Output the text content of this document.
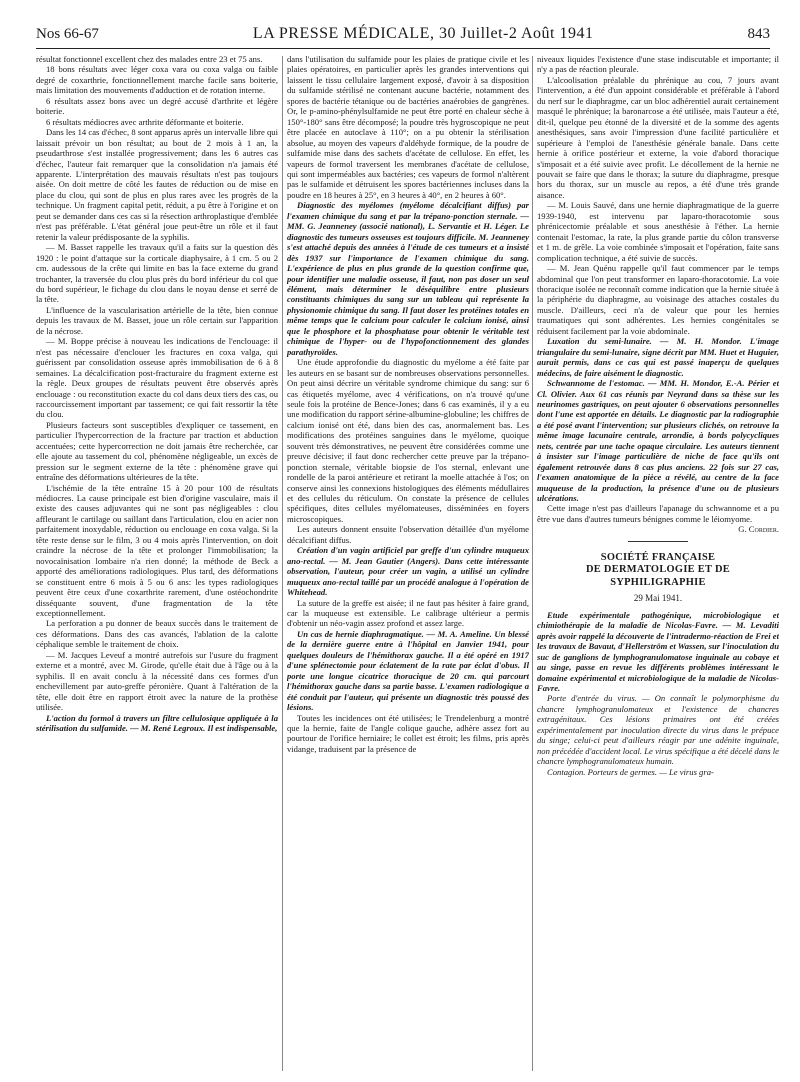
Nos 66-67	LA PRESSE MÉDICALE, 30 Juillet-2 Août 1941	843

résultat fonctionnel excellent chez des malades entre 23 et 75 ans.

18 bons résultats avec léger coxa vara ou coxa valga ou faible degré de coxarthrie, fonctionnellement marche facile sans boiterie, mais limitation des mouvements d'adduction et de rotation interne.

6 résultats assez bons avec un degré accusé d'arthrite et légère boiterie.

6 résultats médiocres avec arthrite déformante et boiterie.

Dans les 14 cas d'échec, 8 sont apparus après un intervalle libre qui laissait prévoir un bon résultat; au bout de 2 mois à 1 an, la pseudarthrose s'est installée progressivement; dans les 6 autres cas d'échec, l'auteur fait remarquer que la consolidation n'a jamais été apparente. L'interprétation des mauvais résultats n'est pas toujours aisée. On doit mettre de côté les fautes de réduction ou de mise en place du clou, qui sont de plus en plus rares avec les progrès de la technique. Un fragment capital petit, réduit, a pu être à l'origine et on peut se demander dans ces cas si la résection arthroplastique d'emblée n'est pas préférable. L'état général joue peut-être un rôle et il faut retenir la valeur prédisposante de la syphilis.

— M. Basset rappelle les travaux qu'il a faits sur la question dès 1920 : le point d'attaque sur la corticale diaphysaire, à 1 cm. 5 ou 2 cm. audessous de la crête qui limite en bas la face externe du grand trochanter, la traversée du clou plus près du bord inférieur du col que du bord supérieur, le fichage du clou dans le noyau dense et serré de la tête.

L'influence de la vascularisation artérielle de la tête, bien connue depuis les travaux de M. Basset, joue un rôle certain sur l'apparition de la nécrose.

— M. Boppe précise à nouveau les indications de l'enclouage: il n'est pas nécessaire d'enclouer les fractures en coxa valga, qui guérissent par consolidation osseuse après immobilisation de 6 à 8 semaines. La décalcification post-fracturaire du fragment externe est la règle. Deux groupes de résultats peuvent être observés après enclouage : ou reconstitution exacte du col dans deux tiers des cas, ou raccourcissement important par tassement; ce qui fait ressortir la tête du clou.

Plusieurs facteurs sont susceptibles d'expliquer ce tassement, en particulier l'hypercorrection de la fracture par traction et abduction accentuées; cette hypercorrection ne doit jamais être recherchée, car elle ajoute au tassement du col, phénomène négligeable, un excès de pression sur le segment externe de la tête : phénomène grave qui entraîne des déformations ultérieures de la tête.

L'ischémie de la tête entraîne 15 à 20 pour 100 de résultats médiocres. La cause principale est bien d'origine vasculaire, mais il existe des causes adjuvantes qui ne sont pas négligeables : clou affleurant le cartilage ou saillant dans l'articulation, clou en acier non parfaitement inoxydable, réduction ou enclouage en coxa valga. Si la tête reste dense sur le film, 3 ou 4 mois après l'intervention, on doit craindre la nécrose de la tête et prolonger l'immobilisation; la novocaïnisation lombaire n'a rien donné; la méthode de Beck a apporté des améliorations radiologiques. Plus tard, des déformations se constituent entre 6 mois à 5 ou 6 ans: les types radiologiques peuvent être ceux d'une coxarthrite rarement, d'une ostéochondrite disséquante souvent, d'une fragmentation de la tête exceptionnellement.

La perforation a pu donner de beaux succès dans le traitement de ces déformations. Dans des cas avancés, l'ablation de la calotte céphalique semble le traitement de choix.

— M. Jacques Leveuf a montré autrefois sur l'usure du fragment externe et a montré, avec M. Girode, qu'elle était due à l'âge ou à la syphilis. Il en avait conclu à la nécessité dans ces formes d'un enchevillement par auto-greffe péronière. Quant à l'altération de la tête, elle doit être en rapport étroit avec la nature de la prothèse utilisée.

L'action du formol à travers un filtre cellulosique appliquée à la stérilisation du sulfamide. — M. René Legroux. Il est indispensable,

dans l'utilisation du sulfamide pour les plaies de pratique civile et les plaies opératoires, en particulier après les grandes interventions qui laissent le tissu cellulaire largement exposé, d'avoir à sa disposition du sulfamide stérilisé ne contenant aucune bactérie, notamment des spores de bactérie tétanique ou de bactéries anaérobies de gangrènes. Or, le p-amino-phénylsulfamide ne peut être porté en chaleur sèche à 150°-180° sans être décomposé; la poudre très hygroscopique ne peut être placée en autoclave à 110°; on a pu obtenir la stérilisation absolue, au moyen des vapeurs d'aldéhyde formique, de la poudre de sulfamide mise dans des sachets d'acétate de cellulose. En effet, les vapeurs de formol traversent les membranes d'acétate de cellulose, qui sont imperméables aux bactéries; ces vapeurs de formol n'altèrent pas le sulfamide et détruisent les spores bactériennes incluses dans la poudre en 18 heures à 25°, en 3 heures à 40°, en 2 heures à 60°.

Diagnostic des myélomes (myélome décalcifiant diffus) par l'examen chimique du sang et par la trépano-ponction sternale. — MM. G. Jeanneney (associé national), L. Servantie et H. Léger. Le diagnostic des tumeurs osseuses est toujours difficile. M. Jeanneney s'est attaché depuis des années à l'étude de ces tumeurs et a insisté dès 1937 sur l'importance de l'examen chimique du sang. L'expérience de plus en plus grande de la question confirme que, pour identifier une maladie osseuse, il faut, non pas doser un seul élément, mais déterminer le déséquilibre entre plusieurs constituants chimiques du sang sur un tableau qui représente la physionomie chimique du sang. Il faut doser les protéines totales en même temps que le calcium pour calculer le calcium ionisé, ainsi que le phosphore et la phosphatase pour obtenir le véritable test chimique de l'hyper- ou de l'hypofonctionnement des glandes parathyroïdes.

Une étude approfondie du diagnostic du myélome a été faite par les auteurs en se basant sur de nombreuses observations personnelles. On peut ainsi décrire un véritable syndrome chimique du sang: sur 6 cas étiquetés myélome, avec 4 vérifications, on n'a trouvé qu'une seule fois la protéine de Bence-Jones; dans 6 cas examinés, il y a eu une modification du rapport sérine-albumine-globuline; les chiffres de calcium ionisé ont été, dans bien des cas, anormalement bas. Les modifications des protéines sanguines dans le myélome, quoique souvent très démonstratives, ne peuvent être considérées comme une preuve décisive; il faut donc rechercher cette preuve par la trépano-ponction sternale, véritable biopsie de l'os sternal, enlevant une rondelle de la paroi antérieure et retirant la moelle attachée à l'os; on conserve ainsi les connexions histologiques des éléments médullaires et des cellules du réticulum. On constate la présence de cellules spécifiques, dites cellules myélomateuses, disséminées en foyers microscopiques.

Les auteurs donnent ensuite l'observation détaillée d'un myélome décalcifiant diffus.

Création d'un vagin artificiel par greffe d'un cylindre muqueux ano-rectal. — M. Jean Gautier (Angers). Dans cette intéressante observation, l'auteur, pour créer un vagin, a utilisé un cylindre muqueux ano-rectal taillé par un procédé analogue à l'opération de Whitehead.

La suture de la greffe est aisée; il ne faut pas hésiter à faire grand, car la muqueuse est extensible. Le calibrage ultérieur a permis d'obtenir un néo-vagin assez profond et assez large.

Un cas de hernie diaphragmatique. — M. A. Ameline. Un blessé de la dernière guerre entre à l'hôpital en Janvier 1941, pour quelques douleurs de l'hémithorax gauche. Il a été opéré en 1917 d'une splénectomie pour éclatement de la rate par éclat d'obus. Il porte une longue cicatrice thoracique de 20 cm. qui parcourt l'hémithorax gauche dans sa partie basse. L'examen radiologique a été conduit par l'auteur, qui présente un diagnostic très poussé des lésions.

Toutes les incidences ont été utilisées; le Trendelenburg a montré que la hernie, faite de l'angle colique gauche, adhère assez fort au pourtour de l'orifice herniaire; le collet est étroit; les films, pris après vidange, traduisent par la présence de

niveaux liquides l'existence d'une stase indiscutable et importante; il n'y a pas de réaction pleurale.

L'alcoolisation préalable du phrénique au cou, 7 jours avant l'intervention, a été d'un appoint considérable et préférable à l'abord du nerf sur le diaphragme, car un bloc adhérentiel aurait certainement masqué le phrénique; la baronarcose a été utilisée, mais l'auteur a été, dit-il, quelque peu étonné de la diversité et de la somme des agents anesthésiques, sans avoir l'impression d'une facilité particulière et supérieure à l'emploi de l'anesthésie générale banale. Dans cette hernie à orifice postérieur et externe, la voie d'abord thoracique s'imposait et a été suivie avec profit. Le décollement de la hernie ne pouvait se faire que dans le thorax; la suture du diaphragme, presque hors du thorax, sur un muscle au repos, a été d'une très grande aisance.

— M. Louis Sauvé, dans une hernie diaphragmatique de la guerre 1939-1940, est intervenu par laparo-thoracotomie sous phrénicectomie préalable et sous anesthésie à l'éther. La hernie contenait l'estomac, la rate, la plus grande partie du côlon transverse et 1 m. de grêle. La voie combinée s'imposait et l'opération, faite sans complication technique, a été suivie de succès.

— M. Jean Quénu rappelle qu'il faut commencer par le temps abdominal que l'on peut transformer en laparo-thoracotomie. La voie thoracique isolée ne reconnaît comme indication que la hernie située à la périphérie du diaphragme, au voisinage des attaches costales du muscle. D'ailleurs, ceci n'a de valeur que pour les hernies traumatiques qui sont adhérentes. Les hernies congénitales se réduisent facilement par la voie abdominale.

Luxation du semi-lunaire. — M. H. Mondor. L'image triangulaire du semi-lunaire, signe décrit par MM. Huet et Huguier, aurait permis, dans ce cas qui est passé inaperçu de quelques médecins, de faire aisément le diagnostic.

Schwannome de l'estomac. — MM. H. Mondor, E.-A. Périer et Cl. Olivier. Aux 61 cas réunis par Neyrand dans sa thèse sur les neurinomes gastriques, on peut ajouter 6 observations personnelles dont l'une est apportée en détails. Le diagnostic par la radiographie a été posé avant l'intervention; sur plusieurs clichés, on retrouve la même image lacunaire centrale, arrondie, à bords polycycliques nets, centrée par une tache opaque circulaire. Les auteurs tiennent à insister sur l'image particulière de niche de face qu'ils ont également retrouvée dans 8 cas plus anciens. 22 fois sur 27 cas, l'examen anatomique de la pièce a révélé, au centre de la face muqueuse de la production, la présence d'une ou de plusieurs ulcérations.

Cette image n'est pas d'ailleurs l'apanage du schwannome et a pu être vue dans d'autres tumeurs bénignes comme le léiomyome.

G. Cordier.

SOCIÉTÉ FRANÇAISE
DE DERMATOLOGIE ET DE SYPHILIGRAPHIE
29 Mai 1941.

Etude expérimentale pathogénique, microbiologique et chimiothérapie de la maladie de Nicolas-Favre. — M. Levaditi après avoir rappelé la découverte de l'intradermo-réaction de Frei et les travaux de Bavaut, d'Hellerström et Wassen, sur l'inoculation du suc de ganglions de lymphogranulomatose inguinale au cobaye et au singe, passe en revue les différents problèmes intéressant le domaine expérimental et microbiologique de la maladie de Nicolas-Favre.

Porte d'entrée du virus. — On connaît le polymorphisme du chancre lymphogranulomateux et l'existence de chancres extragénitaux. Ces lésions primaires ont été créées expérimentalement par inoculation directe du virus dans le prépuce du singe; celui-ci peut d'ailleurs réagir par une adénite inguinale, non précédée d'accident local. Le virus spécifique a été décelé dans le chancre lymphogranulomateux humain.

Contagion. Porteurs de germes. — Le virus gra-
